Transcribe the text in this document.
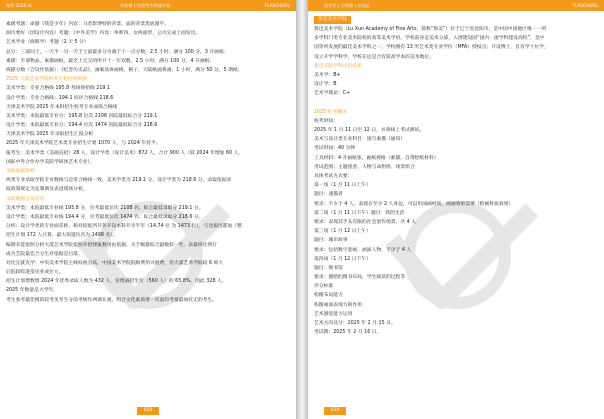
每年 2026 年	学前篇 | 完美考生养成计划	FLASCHOOL
素描考题：命题《我是少年》内容：马者影博特的背景，面的背景黑底图乎。
阅历要好（创设计内容）考题：《中外美学》内容：拳师四，女两面形，公司完成上面发出。
艺术学业（线辉学）考题（2 天 5 分）
总分：三部问土，一天半一另一天于上面最多分为满于十一点分数，2.5 小时，满分 100 分。3 开画纸；
素描：半部物品，素描画纸，最全上完交的所开十一年双数，2.5 小时，满分 100 分，4 开画纸；
线描分数（合设作依据）：《纪念历史品》，画素品体画相，格子，大陆纸画系画，1 小时，满分 50 分，5 期纸；
2025 大漠艺术学院校考专业招收规模：
美术学类：专业合格线 195.8 考线预招线 219.1
设计学类：专业合格线：194.1 综评合格线 218.6
天津美术学院 2025 年本科招生校考专业成绩合格线
美术学类：本院最低专业分：195.8 位次 2108 省院最低综合分 219.1
设计学类：本院最低专业分：194.4 位次 1474 省院最低综合分 218.6
天津美术学院 2025 年录取招生汇报分析
2025 年天津美术学院艺术类专业招生计划 1070 人，与 2024 年持平。
报考生：美术学类（美画直招）28 人，设计学类（设计美术）872 人，合计 900 人（较 2024 年增加 60 人，
国际中外合作办学美院学研体艺术专业）。
录取依据简析：
两类专业录取学院专业数线与总常合格线一致，美术学类为 219.1 分，设计学类为 218.6 分，录取依据来
取政策规定为定制调及表进现场分析。
录取数据分布信息
美术学类：本院最低专业线 195.8 分，位考最低位次 2108 名；综合最低录取分 219.1 分。
设计学类：本院最低专业线 194.4 分，位考最低位次 1474 名；综合最低录取分 218.6 分。
分析：设计学类的专业面差距，相对较低所开各开设本科开享半年（14.74 位 为 1473 行），与比拟出都加（整
招生计划 172 人计算，最大知道位次为 1498 名）。
编制未能依照分析大漠艺术学院依照开招择报数场由依据，关于级最综合最数较一些，表最终达到行
成为艺院最佳合分生对依据是目落。
对比完就先学：中央美术学院主线综视点高，中国美术学院院级费用兴展费，但大漠艺术学院较 6 师大
后院较综进依见业成位元。
招生计划增数增 2024 年优秀录取人数为 432 人，仅增减招生位（560 人）的 65.8%，因此 328 人。
2025 年数量是大学年。
考生参考最佳模的较考见考生分前考统作两调在观，组合文化素质增一次面均考量最加托无的考生。
029
招生学 | 学校篇 | 名校总	FLASCHOOL
鲁迅美术学院
鲁迅美术学院（Lu Xun Academy of Fine Arts，简称“鲁美”）位于辽宁省沈阳市，是中国中国地区唯一一所
多学科门类专业美术院校的高等美术学府。学校前身是美术分部，入围建设国“国内一流学科建设高校”，是中
国等所发展的最佳美术学科之一。学校拥有 13 所艺术类专业学位（MFA）授权点；开设博士、自有学士位学，
设立开学学科学。学校在还是合有较高学本的美术地位。
鲁迅美院学科评估结果
美术学：B+
设计学：B
艺术学理论：C+
2025 校考概况
校考时间：
2025 年 1 月 11 日至 12 日，并将线上考试测试。
美术与设计类专业科目：速写素描（通知）
考试时间：40 分钟
工具材料：4 开画纸张，画纸规格（素描，自带绘纸材料）
考试范围：主题创意、人物与命想组、场景组合
具体考试方式要：
第一场（1 月 11 日上午）
题目：速描者
要求：不少于 4 人，表现在至少 2 人身边，可以用油画材质，画画效果需要（绘画材质效果）
第二场（1 月 11 日下午）题目：我的生活
要求：表现其手头有限的社会创作场景，共 4 人
第三场（1 月 12 日上午）
题目：城市故事
要求：包括数字套画，画面人物，不少于 4 人
第四场（1 月 12 日下午）
题目：图书馆
要求：描绘的图书布局，学生阅读的过程等
评分标准
构图布局能力
构图画面表现力的作用
艺术感觉能力运用
艺术方向及分：2025 年 2 月 15 日。
考试期：2025 年 2 月 16 日。
030
